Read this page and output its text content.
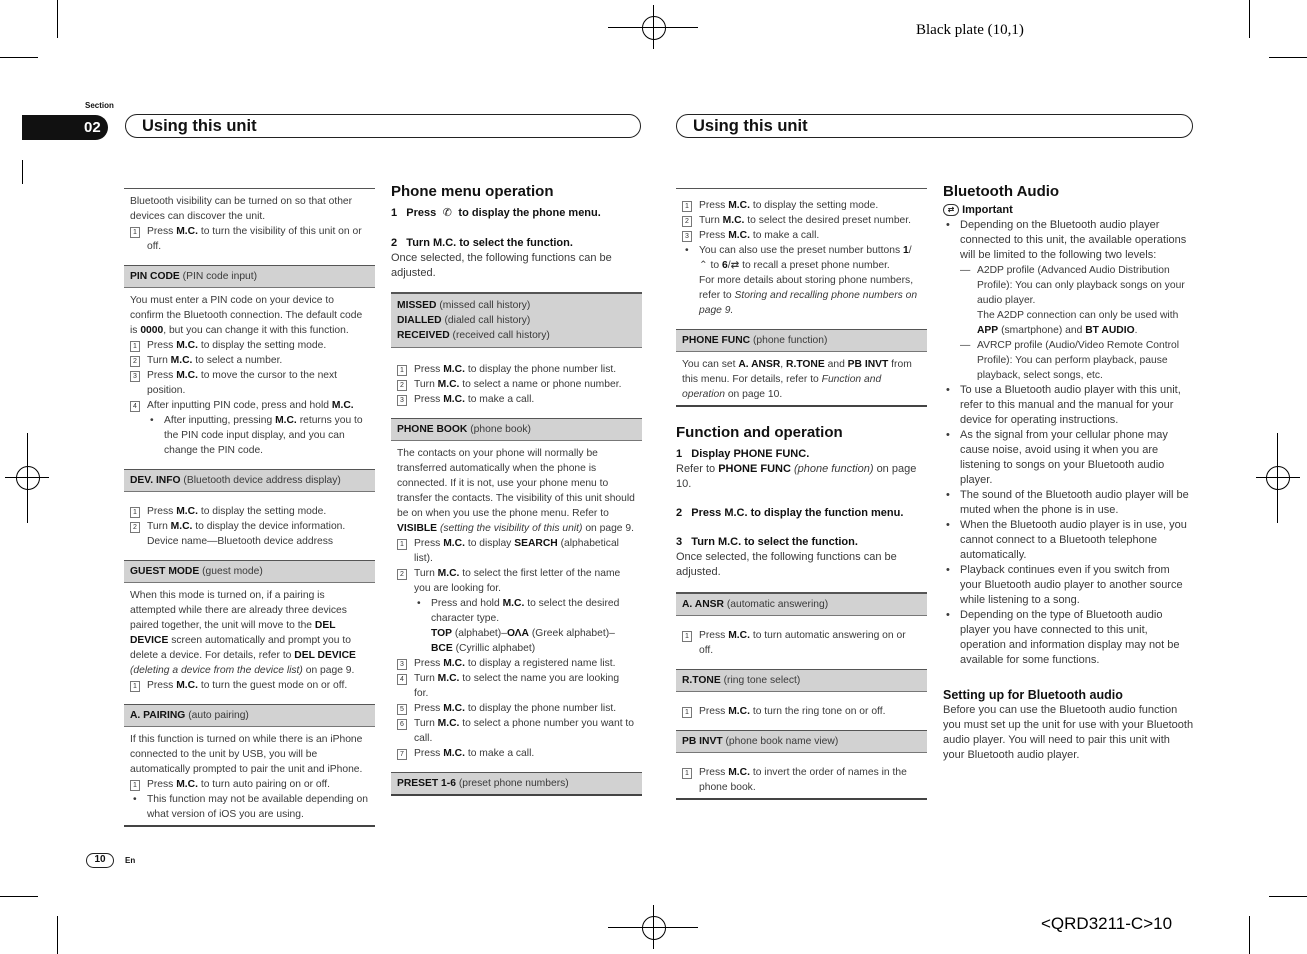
Black plate (10,1)
<QRD3211-C>10
Section
02	Using this unit	Using this unit
10	En
Bluetooth visibility can be turned on so that other devices can discover the unit.
1 Press M.C. to turn the visibility of this unit on or off.
PIN CODE (PIN code input)
You must enter a PIN code on your device to confirm the Bluetooth connection. The default code is 0000, but you can change it with this function.
1 Press M.C. to display the setting mode.
2 Turn M.C. to select a number.
3 Press M.C. to move the cursor to the next position.
4 After inputting PIN code, press and hold M.C.
• After inputting, pressing M.C. returns you to the PIN code input display, and you can change the PIN code.
DEV. INFO (Bluetooth device address display)
1 Press M.C. to display the setting mode.
2 Turn M.C. to display the device information.
Device name—Bluetooth device address
GUEST MODE (guest mode)
When this mode is turned on, if a pairing is attempted while there are already three devices paired together, the unit will move to the DEL DEVICE screen automatically and prompt you to delete a device. For details, refer to DEL DEVICE (deleting a device from the device list) on page 9.
1 Press M.C. to turn the guest mode on or off.
A. PAIRING (auto pairing)
If this function is turned on while there is an iPhone connected to the unit by USB, you will be automatically prompted to pair the unit and iPhone.
1 Press M.C. to turn auto pairing on or off.
• This function may not be available depending on what version of iOS you are using.
Phone menu operation
1 Press ✆ to display the phone menu.
2 Turn M.C. to select the function.
Once selected, the following functions can be adjusted.
MISSED (missed call history)
DIALLED (dialed call history)
RECEIVED (received call history)
1 Press M.C. to display the phone number list.
2 Turn M.C. to select a name or phone number.
3 Press M.C. to make a call.
PHONE BOOK (phone book)
The contacts on your phone will normally be transferred automatically when the phone is connected. If it is not, use your phone menu to transfer the contacts. The visibility of this unit should be on when you use the phone menu. Refer to VISIBLE (setting the visibility of this unit) on page 9.
1 Press M.C. to display SEARCH (alphabetical list).
2 Turn M.C. to select the first letter of the name you are looking for.
• Press and hold M.C. to select the desired character type.
TOP (alphabet)–ΟΛΑ (Greek alphabet)–BCE (Cyrillic alphabet)
3 Press M.C. to display a registered name list.
4 Turn M.C. to select the name you are looking for.
5 Press M.C. to display the phone number list.
6 Turn M.C. to select a phone number you want to call.
7 Press M.C. to make a call.
PRESET 1-6 (preset phone numbers)
1 Press M.C. to display the setting mode.
2 Turn M.C. to select the desired preset number.
3 Press M.C. to make a call.
• You can also use the preset number buttons 1/
⌃ to 6/⇄ to recall a preset phone number.
For more details about storing phone numbers, refer to Storing and recalling phone numbers on page 9.
PHONE FUNC (phone function)
You can set A. ANSR, R.TONE and PB INVT from this menu. For details, refer to Function and operation on page 10.
Function and operation
1   Display PHONE FUNC.
Refer to PHONE FUNC (phone function) on page 10.
2   Press M.C. to display the function menu.
3   Turn M.C. to select the function.
Once selected, the following functions can be adjusted.
A. ANSR (automatic answering)
1 Press M.C. to turn automatic answering on or off.
R.TONE (ring tone select)
1 Press M.C. to turn the ring tone on or off.
PB INVT (phone book name view)
1 Press M.C. to invert the order of names in the phone book.
Bluetooth Audio
⇄ Important
• Depending on the Bluetooth audio player connected to this unit, the available operations will be limited to the following two levels:
— A2DP profile (Advanced Audio Distribution Profile): You can only playback songs on your audio player.
The A2DP connection can only be used with APP (smartphone) and BT AUDIO.
— AVRCP profile (Audio/Video Remote Control Profile): You can perform playback, pause playback, select songs, etc.
• To use a Bluetooth audio player with this unit, refer to this manual and the manual for your device for operating instructions.
• As the signal from your cellular phone may cause noise, avoid using it when you are listening to songs on your Bluetooth audio player.
• The sound of the Bluetooth audio player will be muted when the phone is in use.
• When the Bluetooth audio player is in use, you cannot connect to a Bluetooth telephone automatically.
• Playback continues even if you switch from your Bluetooth audio player to another source while listening to a song.
• Depending on the type of Bluetooth audio player you have connected to this unit, operation and information display may not be available for some functions.
Setting up for Bluetooth audio
Before you can use the Bluetooth audio function you must set up the unit for use with your Bluetooth audio player. You will need to pair this unit with your Bluetooth audio player.
